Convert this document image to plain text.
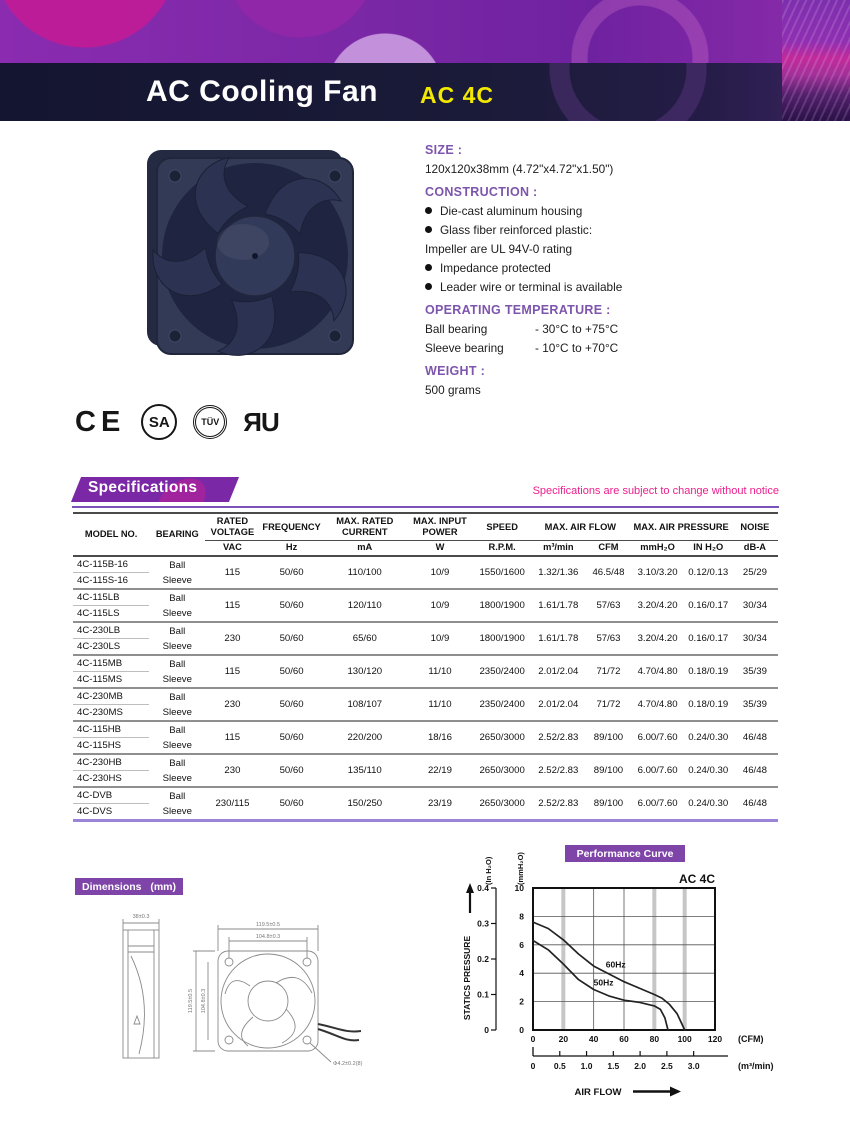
AC Cooling Fan AC 4C
SIZE :
120x120x38mm (4.72"x4.72"x1.50")
CONSTRUCTION :
Die-cast aluminum housing
Glass fiber reinforced plastic:
Impeller are UL 94V-0 rating
Impedance protected
Leader wire or terminal is available
OPERATING TEMPERATURE :
Ball bearing	- 30°C to +75°C
Sleeve bearing	- 10°C to +70°C
WEIGHT :
500 grams
CE	SA	TÜV ЯU
Specifications	Specifications are subject to change without notice
MODEL NO.	BEARING	RATED VOLTAGE	FREQUENCY	MAX. RATED CURRENT	MAX. INPUT POWER	SPEED	MAX. AIR FLOW		MAX. AIR PRESSURE		NOISE
		VAC	Hz	mA	W	R.P.M.	m³/min	CFM	mmH₂O	IN H₂O	dB-A
4C-115B-16	Ball	115	50/60	110/100	10/9	1550/1600	1.32/1.36	46.5/48	3.10/3.20	0.12/0.13	25/29
4C-115S-16	Sleeve										
4C-115LB	Ball	115	50/60	120/110	10/9	1800/1900	1.61/1.78	57/63	3.20/4.20	0.16/0.17	30/34
4C-115LS	Sleeve										
4C-230LB	Ball	230	50/60	65/60	10/9	1800/1900	1.61/1.78	57/63	3.20/4.20	0.16/0.17	30/34
4C-230LS	Sleeve										
4C-115MB	Ball	115	50/60	130/120	11/10	2350/2400	2.01/2.04	71/72	4.70/4.80	0.18/0.19	35/39
4C-115MS	Sleeve										
4C-230MB	Ball	230	50/60	108/107	11/10	2350/2400	2.01/2.04	71/72	4.70/4.80	0.18/0.19	35/39
4C-230MS	Sleeve										
4C-115HB	Ball	115	50/60	220/200	18/16	2650/3000	2.52/2.83	89/100	6.00/7.60	0.24/0.30	46/48
4C-115HS	Sleeve										
4C-230HB	Ball	230	50/60	135/110	22/19	2650/3000	2.52/2.83	89/100	6.00/7.60	0.24/0.30	46/48
4C-230HS	Sleeve										
4C-DVB	Ball	230/115	50/60	150/250	23/19	2650/3000	2.52/2.83	89/100	6.00/7.60	0.24/0.30	46/48
4C-DVS	Sleeve										
Dimensions (mm)
38±0.3
119.5±0.5
104.8±0.3
119.5±0.5 104.8±0.3
Φ4.2±0.2(8)
Performance Curve
AC 4C
(In H₂O)	(mmH₂O)
STATICS PRESSURE
(CFM)
(m³/min)
AIR FLOW
60Hz
50Hz
0
2
4
6
8
10
0
0.1
0.2
0.3
0.4
0	20 40 60 80 100 120
0 0.5 1.0 1.5 2.0 2.5 3.0
